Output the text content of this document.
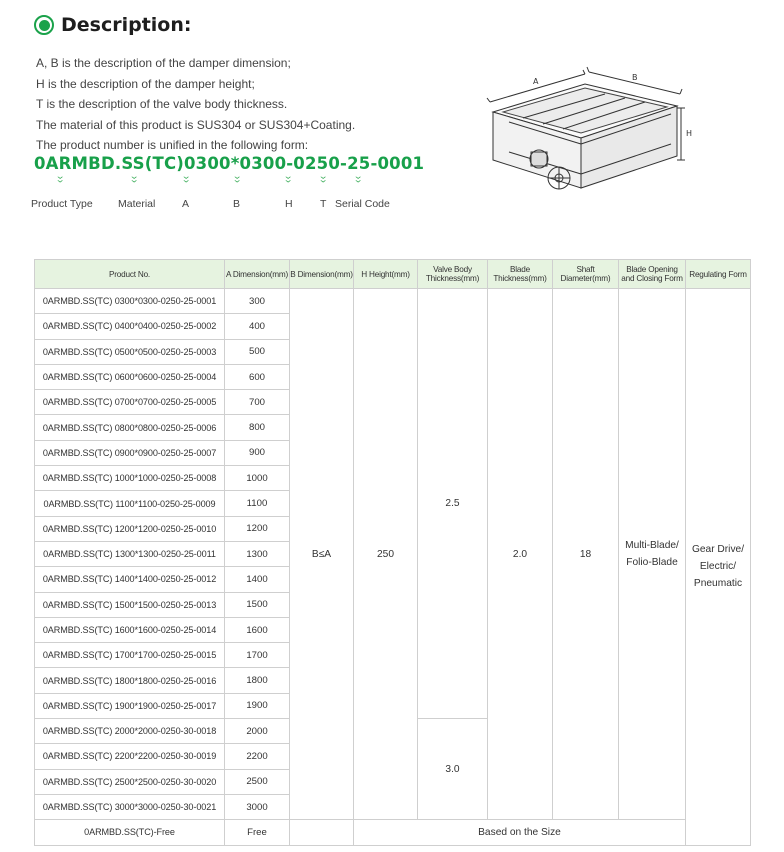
Description:
A, B is the description of the damper dimension;
H is the description of the damper height;
T is the description of the valve body thickness.
The material of this product is SUS304 or SUS304+Coating.
The product number is unified in the following form:
0ARMBD.SS(TC)0300*0300-0250-25-0001
››	››	››	››	›› ›› ››
Product Type Material	A	B	H	T Serial Code
A	B
H
Product No.	A Dimension(mm)	B Dimension(mm)	H Height(mm)	Valve Body Thickness(mm)	Blade Thickness(mm)	Shaft Diameter(mm)	Blade Opening and Closing Form	Regulating Form
0ARMBD.SS(TC) 0300*0300-0250-25-0001	300	B≤A	250	2.5	2.0	18	Multi-Blade/ Folio-Blade	Gear Drive/ Electric/ Pneumatic
0ARMBD.SS(TC) 0400*0400-0250-25-0002	400							
0ARMBD.SS(TC) 0500*0500-0250-25-0003	500							
0ARMBD.SS(TC) 0600*0600-0250-25-0004	600							
0ARMBD.SS(TC) 0700*0700-0250-25-0005	700							
0ARMBD.SS(TC) 0800*0800-0250-25-0006	800							
0ARMBD.SS(TC) 0900*0900-0250-25-0007	900							
0ARMBD.SS(TC) 1000*1000-0250-25-0008	1000							
0ARMBD.SS(TC) 1100*1100-0250-25-0009	1100							
0ARMBD.SS(TC) 1200*1200-0250-25-0010	1200							
0ARMBD.SS(TC) 1300*1300-0250-25-0011	1300							
0ARMBD.SS(TC) 1400*1400-0250-25-0012	1400							
0ARMBD.SS(TC) 1500*1500-0250-25-0013	1500							
0ARMBD.SS(TC) 1600*1600-0250-25-0014	1600							
0ARMBD.SS(TC) 1700*1700-0250-25-0015	1700							
0ARMBD.SS(TC) 1800*1800-0250-25-0016	1800							
0ARMBD.SS(TC) 1900*1900-0250-25-0017	1900							
0ARMBD.SS(TC) 2000*2000-0250-30-0018	2000			3.0				
0ARMBD.SS(TC) 2200*2200-0250-30-0019	2200							
0ARMBD.SS(TC) 2500*2500-0250-30-0020	2500							
0ARMBD.SS(TC) 3000*3000-0250-30-0021	3000							
0ARMBD.SS(TC)-Free	Free		Based on the Size					
